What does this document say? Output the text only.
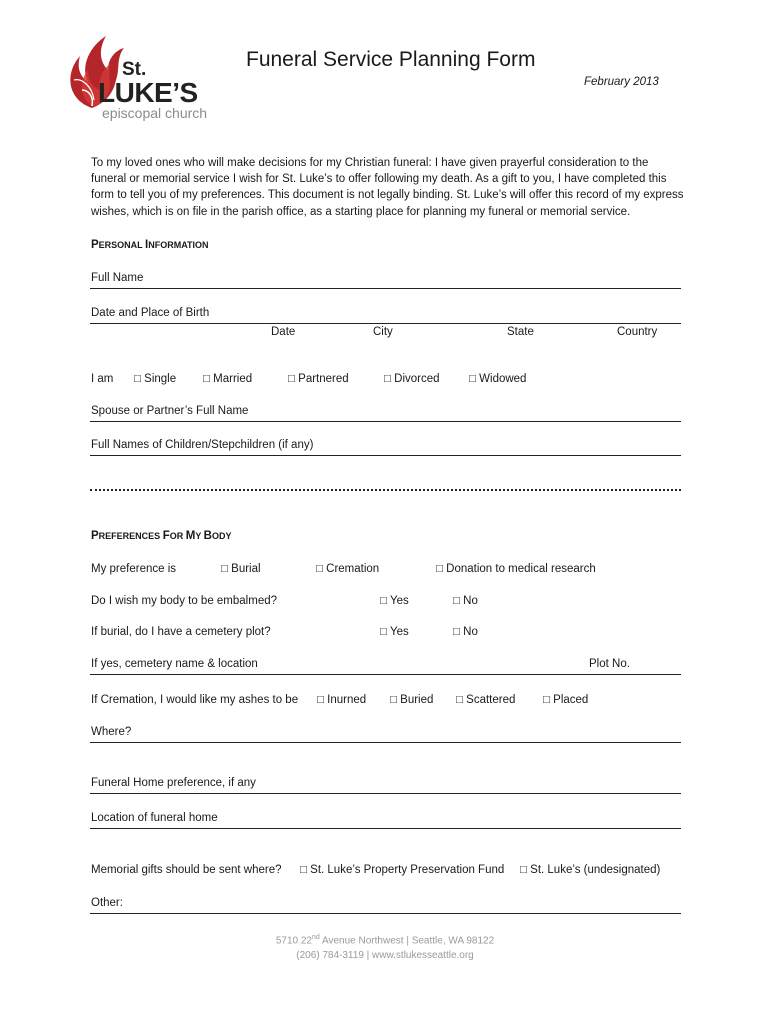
St.
LUKE’S
episcopal church
Funeral Service Planning Form
February 2013
To my loved ones who will make decisions for my Christian funeral: I have given prayerful consideration to the funeral or memorial service I wish for St. Luke’s to offer following my death. As a gift to you, I have completed this form to tell you of my preferences. This document is not legally binding. St. Luke’s will offer this record of my express wishes, which is on file in the parish office, as a starting place for planning my funeral or memorial service.
PERSONAL INFORMATION
Full Name
Date and Place of Birth
Date	City	State	Country
I am □ Single □ Married	□ Partnered	□ Divorced	□ Widowed
Spouse or Partner’s Full Name
Full Names of Children/Stepchildren (if any)
PREFERENCES FOR MY BODY
My preference is	□ Burial	□ Cremation	□ Donation to medical research
Do I wish my body to be embalmed?	□ Yes	□ No
If burial, do I have a cemetery plot?	□ Yes	□ No
If yes, cemetery name & location	Plot No.
If Cremation, I would like my ashes to be □ Inurned □ Buried □ Scattered □ Placed
Where?
Funeral Home preference, if any
Location of funeral home
Memorial gifts should be sent where? □ St. Luke’s Property Preservation Fund □ St. Luke’s (undesignated)
Other:
5710 22nd Avenue Northwest | Seattle, WA 98122
(206) 784-3119 | www.stlukesseattle.org
